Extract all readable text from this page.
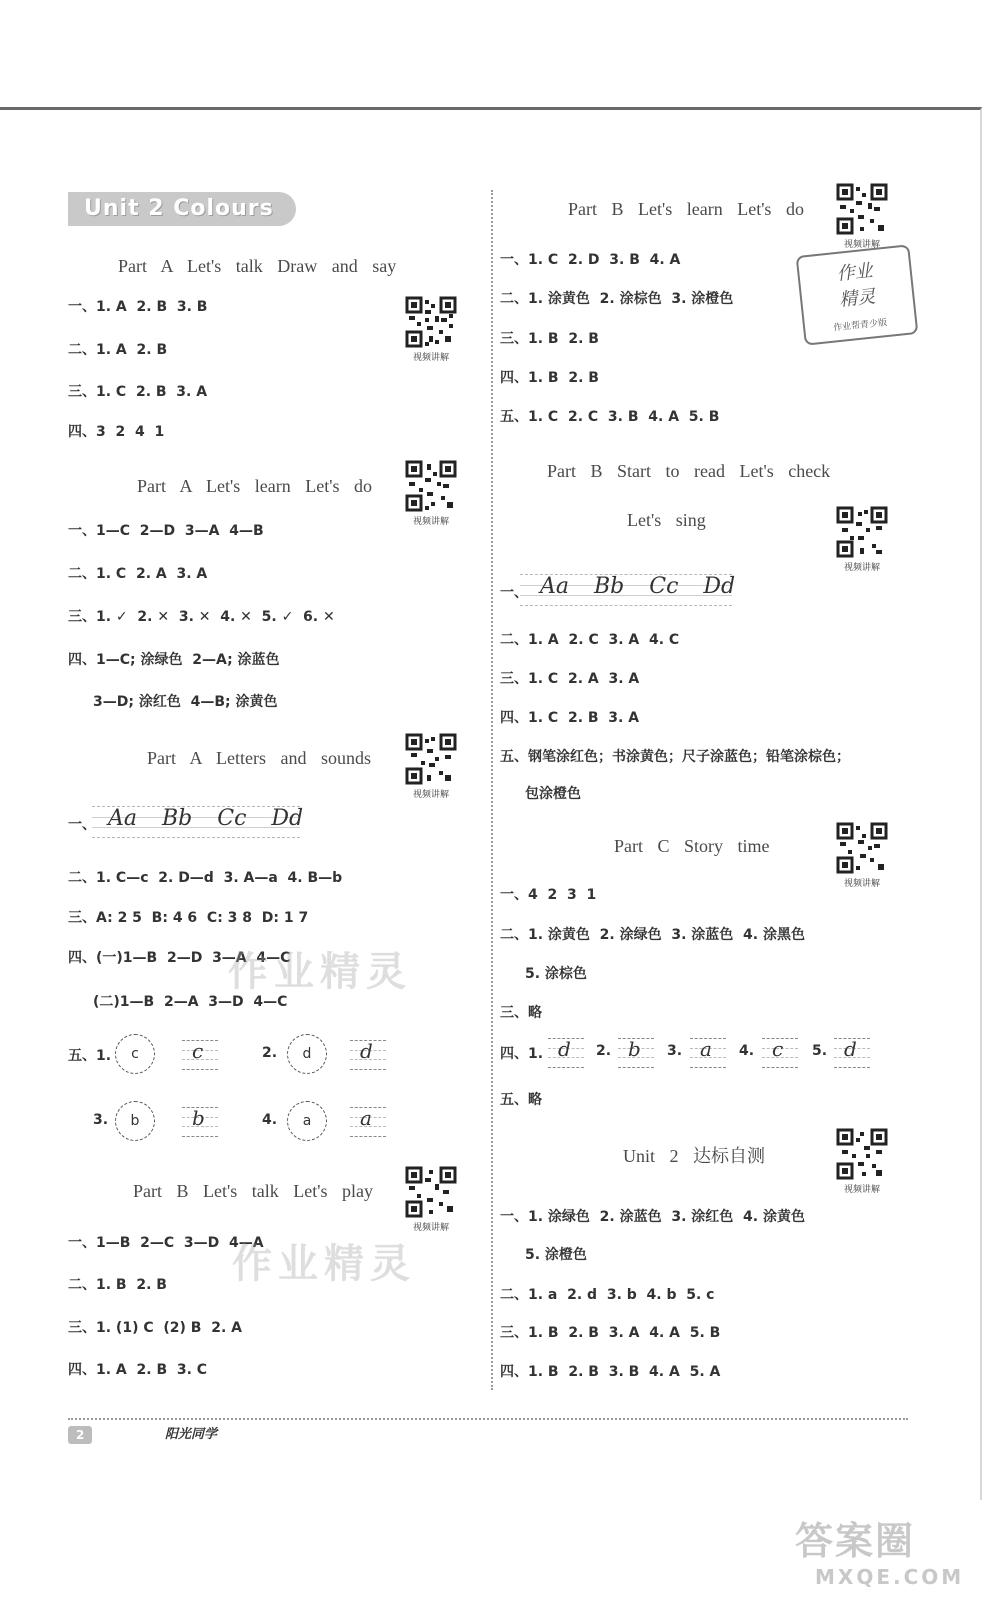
Unit 2 Colours
视频讲解
视频讲解
视频讲解
视频讲解
视频讲解
视频讲解
视频讲解
视频讲解
Part A Let's talk Draw and say
一、1. A  2. B  3. B
二、1. A  2. B
三、1. C  2. B  3. A
四、3  2  4  1
Part A Let's learn Let's do
一、1—C  2—D  3—A  4—B
二、1. C  2. A  3. A
三、1. ✓  2. ✕  3. ✕  4. ✕  5. ✓  6. ✕
四、1—C; 涂绿色  2—A; 涂蓝色
3—D; 涂红色  4—B; 涂黄色
Part A Letters and sounds
一、 Aa Bb Cc Dd
二、1. C—c  2. D—d  3. A—a  4. B—b
三、A: 2 5  B: 4 6  C: 3 8  D: 1 7
四、(一)1—B  2—D  3—A  4—C
(二)1—B  2—A  3—D  4—C
五、1.	c	c	2.	d	d
3.	b	b	4.	a	a
Part B Let's talk Let's play
一、1—B  2—C  3—D  4—A
二、1. B  2. B
三、1. (1) C  (2) B  2. A
四、1. A  2. B  3. C
Part B Let's learn Let's do
一、1. C  2. D  3. B  4. A
二、1. 涂黄色  2. 涂棕色  3. 涂橙色
三、1. B  2. B
四、1. B  2. B
五、1. C  2. C  3. B  4. A  5. B
作业
精灵
作业帮青少版
Part B Start to read Let's check
Let's sing
一、 Aa Bb Cc Dd
二、1. A  2. C  3. A  4. C
三、1. C  2. A  3. A
四、1. C  2. B  3. A
五、钢笔涂红色；书涂黄色；尺子涂蓝色；铅笔涂棕色；
包涂橙色
Part C Story time
一、4  2  3  1
二、1. 涂黄色  2. 涂绿色  3. 涂蓝色  4. 涂黑色
5. 涂棕色
三、略
四、1. d 2. b 3. a 4. c 5. d
五、略
Unit 2 达标自测
一、1. 涂绿色  2. 涂蓝色  3. 涂红色  4. 涂黄色
5. 涂橙色
二、1. a  2. d  3. b  4. b  5. c
三、1. B  2. B  3. A  4. A  5. B
四、1. B  2. B  3. B  4. A  5. A
作业精灵
作业精灵
2	阳光同学
答案圈
MXQE.COM
